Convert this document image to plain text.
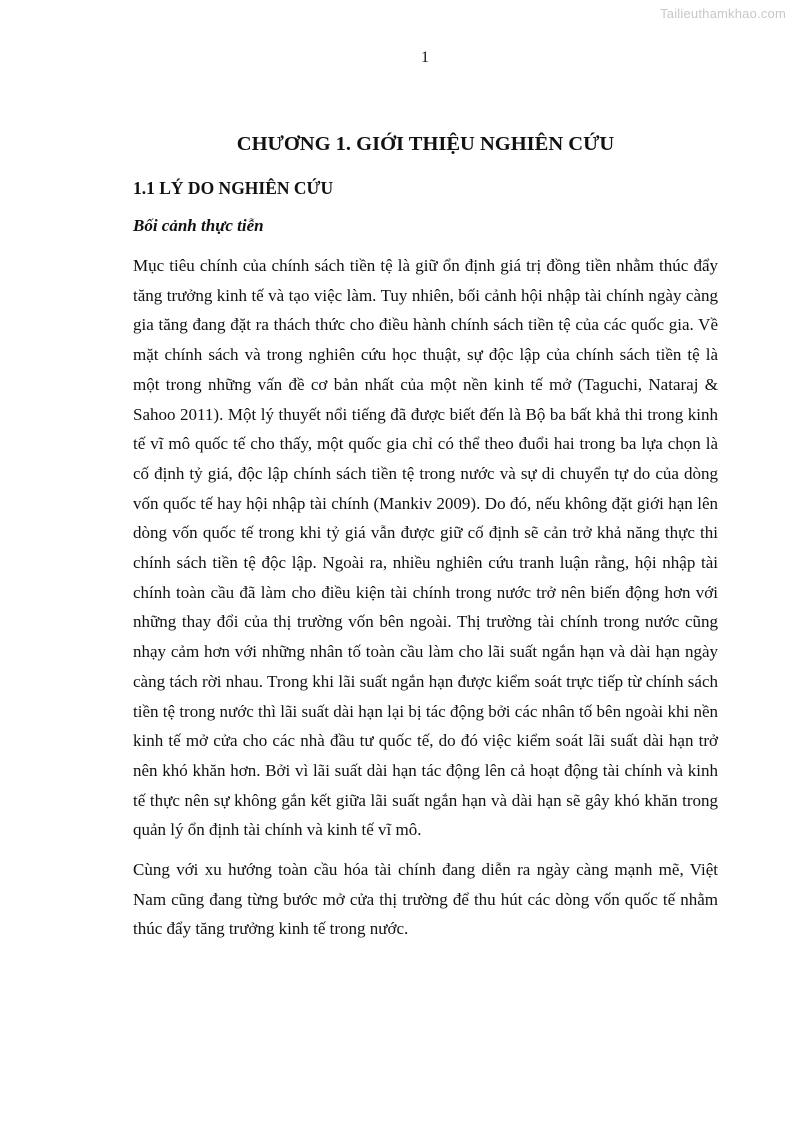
Tailieuthamkhao.com
1
CHƯƠNG 1. GIỚI THIỆU NGHIÊN CỨU
1.1 LÝ DO NGHIÊN CỨU
Bối cảnh thực tiễn

Mục tiêu chính của chính sách tiền tệ là giữ ổn định giá trị đồng tiền nhằm thúc đẩy tăng trưởng kinh tế và tạo việc làm. Tuy nhiên, bối cảnh hội nhập tài chính ngày càng gia tăng đang đặt ra thách thức cho điều hành chính sách tiền tệ của các quốc gia. Về mặt chính sách và trong nghiên cứu học thuật, sự độc lập của chính sách tiền tệ là một trong những vấn đề cơ bản nhất của một nền kinh tế mở (Taguchi, Nataraj & Sahoo 2011). Một lý thuyết nổi tiếng đã được biết đến là Bộ ba bất khả thi trong kinh tế vĩ mô quốc tế cho thấy, một quốc gia chỉ có thể theo đuổi hai trong ba lựa chọn là cố định tỷ giá, độc lập chính sách tiền tệ trong nước và sự di chuyển tự do của dòng vốn quốc tế hay hội nhập tài chính (Mankiv 2009). Do đó, nếu không đặt giới hạn lên dòng vốn quốc tế trong khi tỷ giá vẫn được giữ cố định sẽ cản trở khả năng thực thi chính sách tiền tệ độc lập. Ngoài ra, nhiều nghiên cứu tranh luận rằng, hội nhập tài chính toàn cầu đã làm cho điều kiện tài chính trong nước trở nên biến động hơn với những thay đổi của thị trường vốn bên ngoài. Thị trường tài chính trong nước cũng nhạy cảm hơn với những nhân tố toàn cầu làm cho lãi suất ngắn hạn và dài hạn ngày càng tách rời nhau. Trong khi lãi suất ngắn hạn được kiểm soát trực tiếp từ chính sách tiền tệ trong nước thì lãi suất dài hạn lại bị tác động bởi các nhân tố bên ngoài khi nền kinh tế mở cửa cho các nhà đầu tư quốc tế, do đó việc kiểm soát lãi suất dài hạn trở nên khó khăn hơn. Bởi vì lãi suất dài hạn tác động lên cả hoạt động tài chính và kinh tế thực nên sự không gắn kết giữa lãi suất ngắn hạn và dài hạn sẽ gây khó khăn trong quản lý ổn định tài chính và kinh tế vĩ mô.

Cùng với xu hướng toàn cầu hóa tài chính đang diễn ra ngày càng mạnh mẽ, Việt Nam cũng đang từng bước mở cửa thị trường để thu hút các dòng vốn quốc tế nhằm thúc đẩy tăng trưởng kinh tế trong nước.
